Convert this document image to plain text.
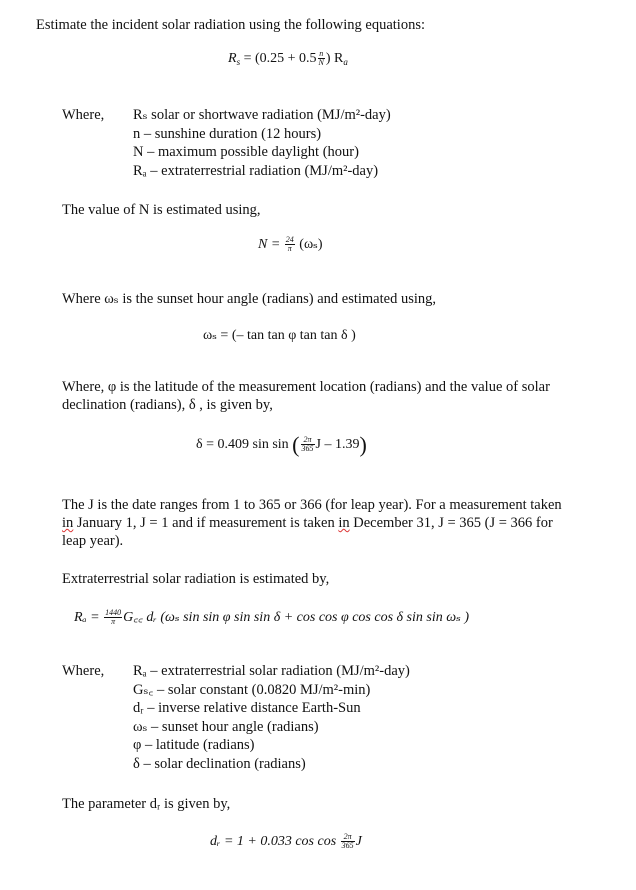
Estimate the incident solar radiation using the following equations:
$R_s = (0.25 + 0.5 \frac{n}{N}$ ) $R_a$
Where, Rₛ solar or shortwave radiation (MJ/m²-day)
n – sunshine duration (12 hours)
N – maximum possible daylight (hour)
Rₐ – extraterrestrial radiation (MJ/m²-day)
The value of N is estimated using,
$N = \frac{24}{\pi} (\omega_s)$
Where ωₛ is the sunset hour angle (radians) and estimated using,
ωₛ = (– tan tan φ tan tan δ )
Where, φ is the latitude of the measurement location (radians) and the value of solar
declination (radians), δ , is given by,
δ = 0.409 sin sin ( $\frac{2\pi}{365}$ J – 1.39)
The J is the date ranges from 1 to 365 or 366 (for leap year). For a measurement taken
in January 1, J = 1 and if measurement is taken in December 31, J = 365 (J = 366 for
leap year).
Extraterrestrial solar radiation is estimated by,
$R_a = \frac{1440}{\pi}$ G꜀꜀ dᵣ (ωₛ sin sin φ sin sin δ + cos cos φ cos cos δ sin sin ωₛ )
Where, Rₐ – extraterrestrial solar radiation (MJ/m²-day)
Gₛ꜀ – solar constant (0.0820 MJ/m²-min)
dᵣ – inverse relative distance Earth-Sun
ωₛ – sunset hour angle (radians)
φ – latitude (radians)
δ – solar declination (radians)
The parameter dᵣ is given by,
dᵣ = 1 + 0.033 $\cos \cos \frac{2\pi}{365}$ J
